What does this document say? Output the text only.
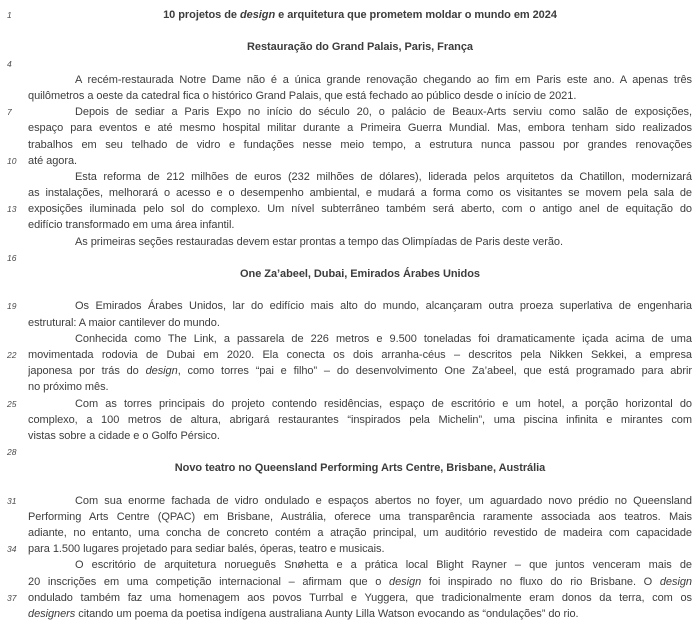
1	10 projetos de design e arquitetura que prometem moldar o mundo em 2024
Restauração do Grand Palais, Paris, França
4
A recém-restaurada Notre Dame não é a única grande renovação chegando ao fim em Paris este ano. A apenas três
quilômetros a oeste da catedral fica o histórico Grand Palais, que está fechado ao público desde o início de 2021.
7	Depois de sediar a Paris Expo no início do século 20, o palácio de Beaux-Arts serviu como salão de exposições,
espaço para eventos e até mesmo hospital militar durante a Primeira Guerra Mundial. Mas, embora tenham sido realizados
trabalhos em seu telhado de vidro e fundações nesse meio tempo, a estrutura nunca passou por grandes renovações
10 até agora.
Esta reforma de 212 milhões de euros (232 milhões de dólares), liderada pelos arquitetos da Chatillon, modernizará
as instalações, melhorará o acesso e o desempenho ambiental, e mudará a forma como os visitantes se movem pela sala de
13 exposições iluminada pelo sol do complexo. Um nível subterrâneo também será aberto, com o antigo anel de equitação do
edifício transformado em uma área infantil.
As primeiras seções restauradas devem estar prontas a tempo das Olimpíadas de Paris deste verão.
16
One Za’abeel, Dubai, Emirados Árabes Unidos
19	Os Emirados Árabes Unidos, lar do edifício mais alto do mundo, alcançaram outra proeza superlativa de engenharia
estrutural: A maior cantilever do mundo.
Conhecida como The Link, a passarela de 226 metros e 9.500 toneladas foi dramaticamente içada acima de uma
22 movimentada rodovia de Dubai em 2020. Ela conecta os dois arranha-céus – descritos pela Nikken Sekkei, a empresa
japonesa por trás do design, como torres “pai e filho” – do desenvolvimento One Za’abeel, que está programado para abrir
no próximo mês.
25	Com as torres principais do projeto contendo residências, espaço de escritório e um hotel, a porção horizontal do
complexo, a 100 metros de altura, abrigará restaurantes “inspirados pela Michelin”, uma piscina infinita e mirantes com
vistas sobre a cidade e o Golfo Pérsico.
28
Novo teatro no Queensland Performing Arts Centre, Brisbane, Austrália
31	Com sua enorme fachada de vidro ondulado e espaços abertos no foyer, um aguardado novo prédio no Queensland
Performing Arts Centre (QPAC) em Brisbane, Austrália, oferece uma transparência raramente associada aos teatros. Mais
adiante, no entanto, uma concha de concreto contém a atração principal, um auditório revestido de madeira com capacidade
34 para 1.500 lugares projetado para sediar balés, óperas, teatro e musicais.
O escritório de arquitetura norueguês Snøhetta e a prática local Blight Rayner – que juntos venceram mais de
20 inscrições em uma competição internacional – afirmam que o design foi inspirado no fluxo do rio Brisbane. O design
37 ondulado também faz uma homenagem aos povos Turrbal e Yuggera, que tradicionalmente eram donos da terra, com os
designers citando um poema da poetisa indígena australiana Aunty Lilla Watson evocando as “ondulações” do rio.
